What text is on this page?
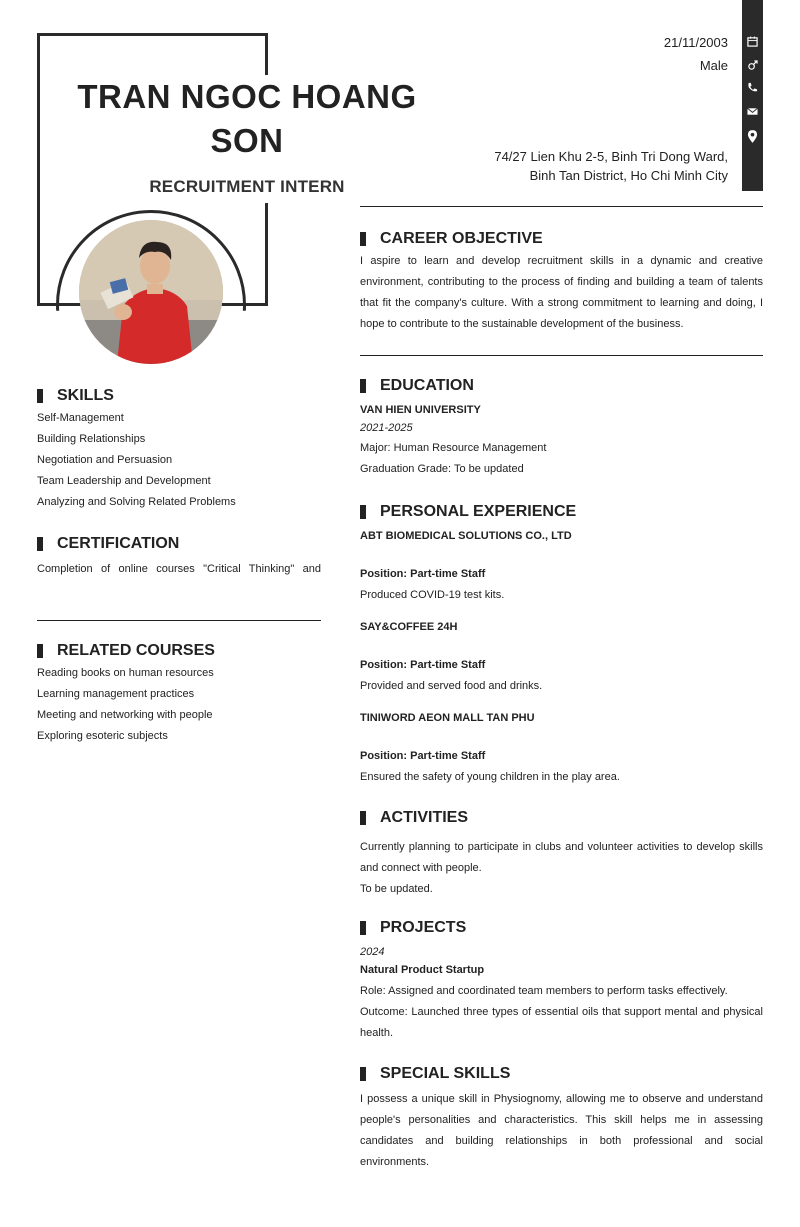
TRAN NGOC HOANG SON
RECRUITMENT INTERN
21/11/2003
Male
74/27 Lien Khu 2-5, Binh Tri Dong Ward,
Binh Tan District, Ho Chi Minh City
SKILLS
Self-Management
Building Relationships
Negotiation and Persuasion
Team Leadership and Development
Analyzing and Solving Related Problems
CERTIFICATION
Completion of online courses "Critical Thinking" and
RELATED COURSES
Reading books on human resources
Learning management practices
Meeting and networking with people
Exploring esoteric subjects
CAREER OBJECTIVE
I aspire to learn and develop recruitment skills in a dynamic and creative environment, contributing to the process of finding and building a team of talents that fit the company's culture. With a strong commitment to learning and doing, I hope to contribute to the sustainable development of the business.
EDUCATION
VAN HIEN UNIVERSITY
2021-2025
Major: Human Resource Management
Graduation Grade: To be updated
PERSONAL EXPERIENCE
ABT BIOMEDICAL SOLUTIONS CO., LTD
Position: Part-time Staff
Produced COVID-19 test kits.
SAY&COFFEE 24H
Position: Part-time Staff
Provided and served food and drinks.
TINIWORD AEON MALL TAN PHU
Position: Part-time Staff
Ensured the safety of young children in the play area.
ACTIVITIES
Currently planning to participate in clubs and volunteer activities to develop skills and connect with people.
To be updated.
PROJECTS
2024
Natural Product Startup
Role: Assigned and coordinated team members to perform tasks effectively.
Outcome: Launched three types of essential oils that support mental and physical health.
SPECIAL SKILLS
I possess a unique skill in Physiognomy, allowing me to observe and understand people's personalities and characteristics. This skill helps me in assessing candidates and building relationships in both professional and social environments.
